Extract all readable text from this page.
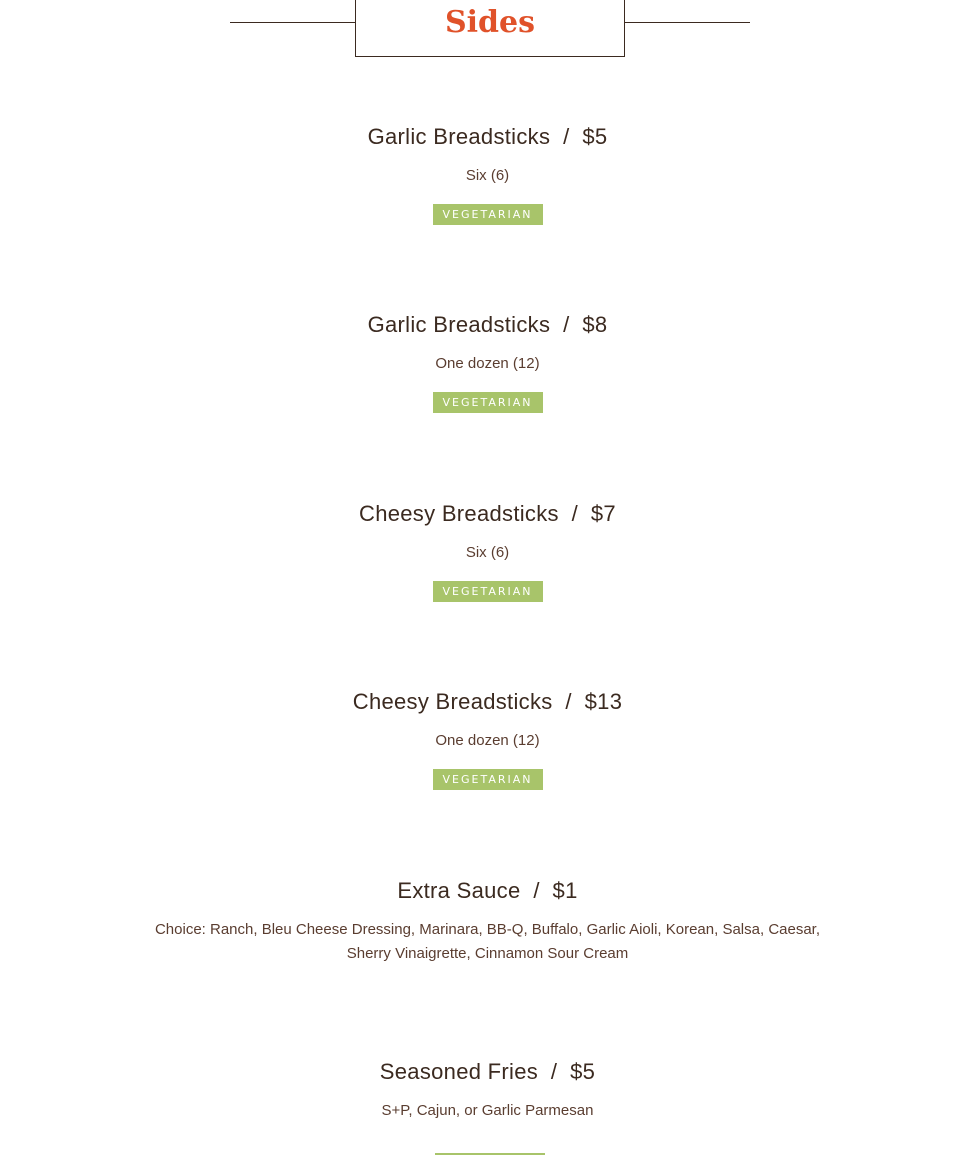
Sides
Garlic Breadsticks  /  $5
Six (6)
VEGETARIAN
Garlic Breadsticks  /  $8
One dozen (12)
VEGETARIAN
Cheesy Breadsticks  /  $7
Six (6)
VEGETARIAN
Cheesy Breadsticks  /  $13
One dozen (12)
VEGETARIAN
Extra Sauce  /  $1
Choice: Ranch, Bleu Cheese Dressing, Marinara, BB-Q, Buffalo, Garlic Aioli, Korean, Salsa, Caesar, Sherry Vinaigrette, Cinnamon Sour Cream
Seasoned Fries  /  $5
S+P, Cajun, or Garlic Parmesan
